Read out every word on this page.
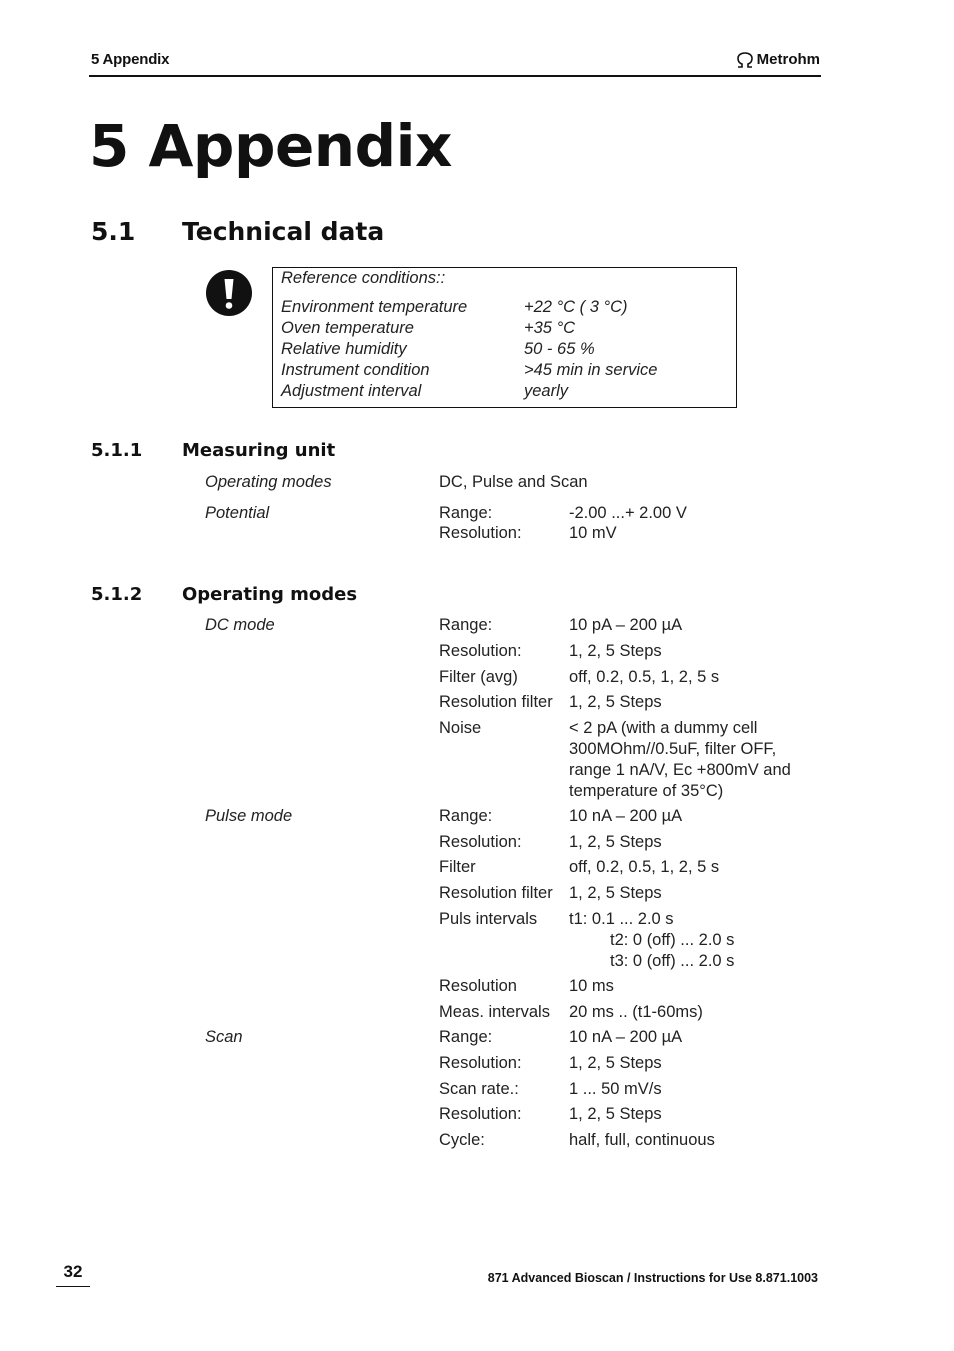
5 Appendix	Metrohm
5 Appendix
5.1 Technical data
Reference conditions::
Environment temperature	+22 °C ( 3 °C)
Oven temperature	+35 °C
Relative humidity	50 - 65 %
Instrument condition	>45 min in service
Adjustment interval	yearly
5.1.1 Measuring unit
Operating modes	DC, Pulse and Scan
Potential	Range:	-2.00 ...+ 2.00 V
Resolution:	10 mV
5.1.2 Operating modes
DC mode	Range:	10 pA – 200 µA
Resolution:	1, 2, 5 Steps
Filter (avg)	off, 0.2, 0.5, 1, 2, 5 s
Resolution filter 1, 2, 5 Steps
Noise	< 2 pA (with a dummy cell
300MOhm//0.5uF, filter OFF,
range 1 nA/V, Ec +800mV and
temperature of 35°C)
Pulse mode	Range:	10 nA – 200 µA
Resolution:	1, 2, 5 Steps
Filter	off, 0.2, 0.5, 1, 2, 5 s
Resolution filter 1, 2, 5 Steps
Puls intervals t1: 0.1 ... 2.0 s
t2: 0 (off) ... 2.0 s
t3: 0 (off) ... 2.0 s
Resolution	10 ms
Meas. intervals 20 ms .. (t1-60ms)
Scan	Range:	10 nA – 200 µA
Resolution:	1, 2, 5 Steps
Scan rate.:	1 ... 50 mV/s
Resolution:	1, 2, 5 Steps
Cycle:	half, full, continuous
32	871 Advanced Bioscan / Instructions for Use 8.871.1003
